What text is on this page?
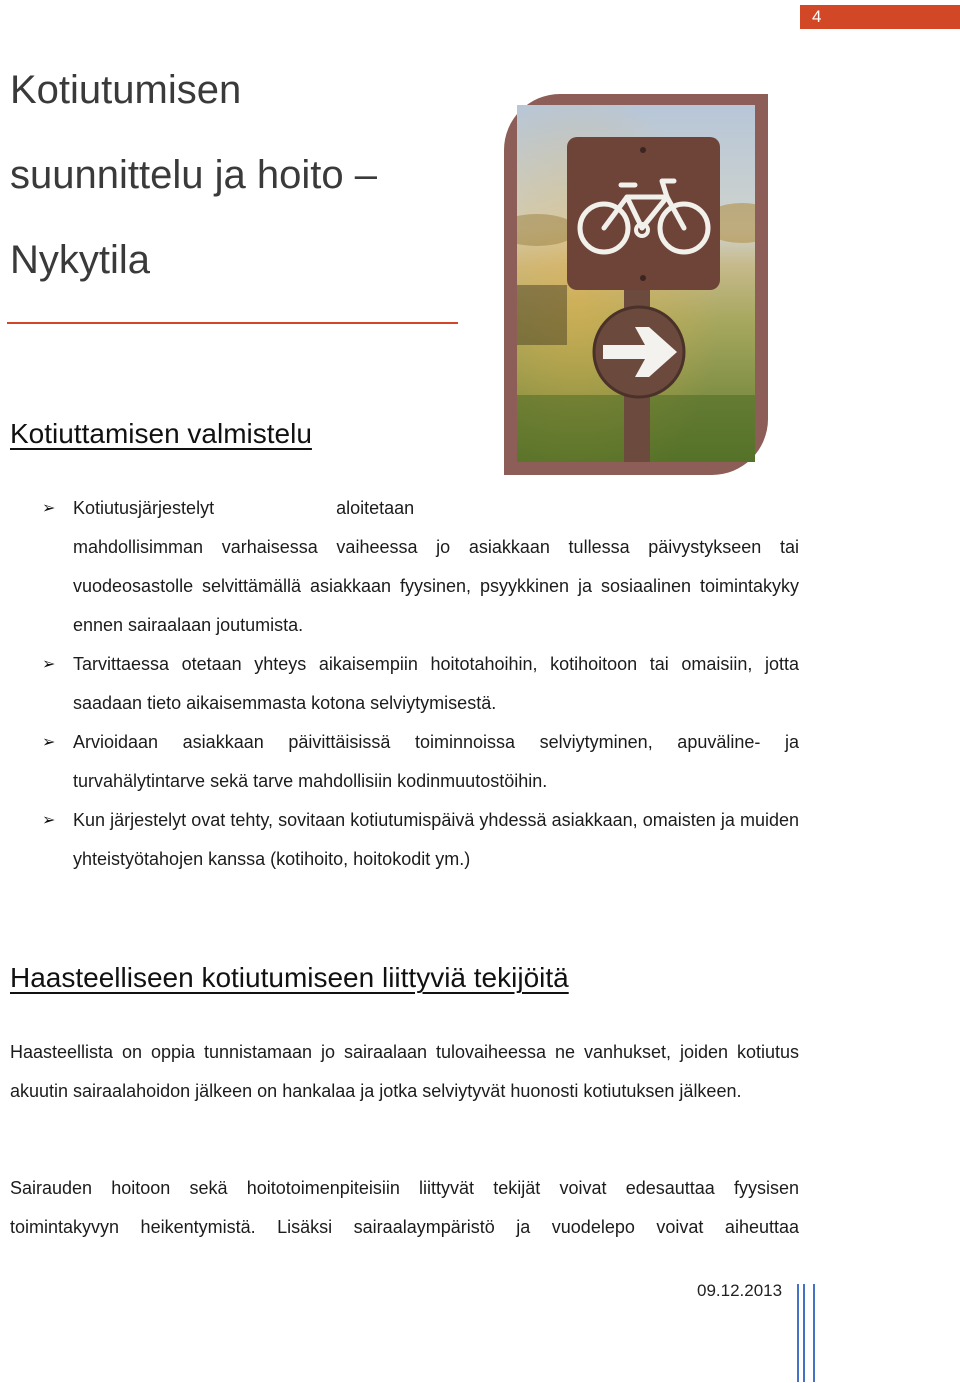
4
Kotiutumisen
suunnittelu ja hoito –
Nykytila
Kotiuttamisen valmistelu
➢ Kotiutusjärjestelyt	aloitetaan
mahdollisimman varhaisessa vaiheessa jo asiakkaan tullessa päivystykseen tai vuodeosastolle selvittämällä asiakkaan fyysinen, psyykkinen ja sosiaalinen toimintakyky ennen sairaalaan joutumista.
➢ Tarvittaessa otetaan yhteys aikaisempiin hoitotahoihin, kotihoitoon tai omaisiin, jotta saadaan tieto aikaisemmasta kotona selviytymisestä.
➢ Arvioidaan asiakkaan päivittäisissä toiminnoissa selviytyminen, apuväline- ja turvahälytintarve sekä tarve mahdollisiin kodinmuutostöihin.
➢ Kun järjestelyt ovat tehty, sovitaan kotiutumispäivä yhdessä asiakkaan, omaisten ja muiden yhteistyötahojen kanssa (kotihoito, hoitokodit ym.)
Haasteelliseen kotiutumiseen liittyviä tekijöitä

Haasteellista on oppia tunnistamaan jo sairaalaan tulovaiheessa ne vanhukset, joiden kotiutus akuutin sairaalahoidon jälkeen on hankalaa ja jotka selviytyvät huonosti kotiutuksen jälkeen.

Sairauden hoitoon sekä hoitotoimenpiteisiin liittyvät tekijät voivat edesauttaa fyysisen toimintakyvyn heikentymistä. Lisäksi sairaalaympäristö ja vuodelepo voivat aiheuttaa

09.12.2013
